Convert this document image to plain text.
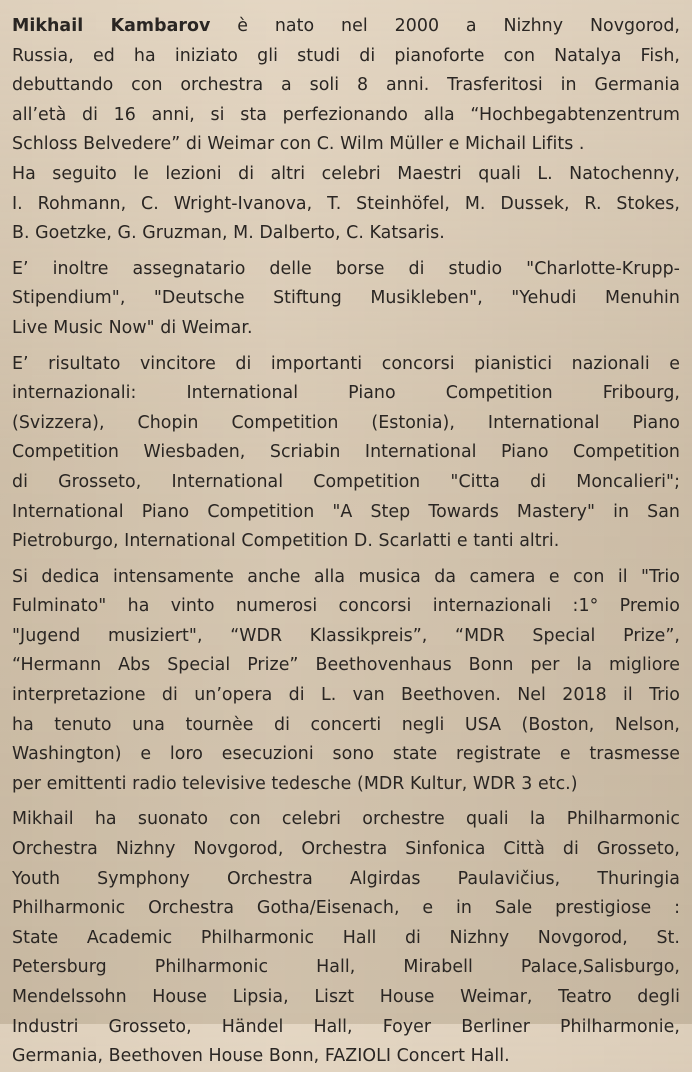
Mikhail Kambarov è nato nel 2000 a Nizhny Novgorod,
Russia, ed ha iniziato gli studi di pianoforte con Natalya Fish,
debuttando con orchestra a soli 8 anni. Trasferitosi in Germania
all’età di 16 anni, si sta perfezionando alla “Hochbegabtenzentrum
Schloss Belvedere” di Weimar con C. Wilm Müller e Michail Lifits .
Ha seguito le lezioni di altri celebri Maestri quali L. Natochenny,
I. Rohmann, C. Wright-Ivanova, T. Steinhöfel, M. Dussek, R. Stokes,
B. Goetzke, G. Gruzman, M. Dalberto, C. Katsaris.
E’ inoltre assegnatario delle borse di studio "Charlotte-Krupp-
Stipendium", "Deutsche Stiftung Musikleben", "Yehudi Menuhin
Live Music Now" di Weimar.
E’ risultato vincitore di importanti concorsi pianistici nazionali e
internazionali: International Piano Competition Fribourg,
(Svizzera), Chopin Competition (Estonia), International Piano
Competition Wiesbaden, Scriabin International Piano Competition
di Grosseto, International Competition "Citta di Moncalieri";
International Piano Competition "A Step Towards Mastery" in San
Pietroburgo, International Competition D. Scarlatti e tanti altri.
Si dedica intensamente anche alla musica da camera e con il "Trio
Fulminato" ha vinto numerosi concorsi internazionali :1° Premio
"Jugend musiziert", “WDR Klassikpreis”, “MDR Special Prize”,
“Hermann Abs Special Prize” Beethovenhaus Bonn per la migliore
interpretazione di un’opera di L. van Beethoven. Nel 2018 il Trio
ha tenuto una tournèe di concerti negli USA (Boston, Nelson,
Washington) e loro esecuzioni sono state registrate e trasmesse
per emittenti radio televisive tedesche (MDR Kultur, WDR 3 etc.)
Mikhail ha suonato con celebri orchestre quali la Philharmonic
Orchestra Nizhny Novgorod, Orchestra Sinfonica Città di Grosseto,
Youth Symphony Orchestra Algirdas Paulavičius, Thuringia
Philharmonic Orchestra Gotha/Eisenach, e in Sale prestigiose :
State Academic Philharmonic Hall di Nizhny Novgorod, St.
Petersburg Philharmonic Hall, Mirabell Palace,Salisburgo,
Mendelssohn House Lipsia, Liszt House Weimar, Teatro degli
Industri Grosseto, Händel Hall, Foyer Berliner Philharmonie,
Germania, Beethoven House Bonn, FAZIOLI Concert Hall.
